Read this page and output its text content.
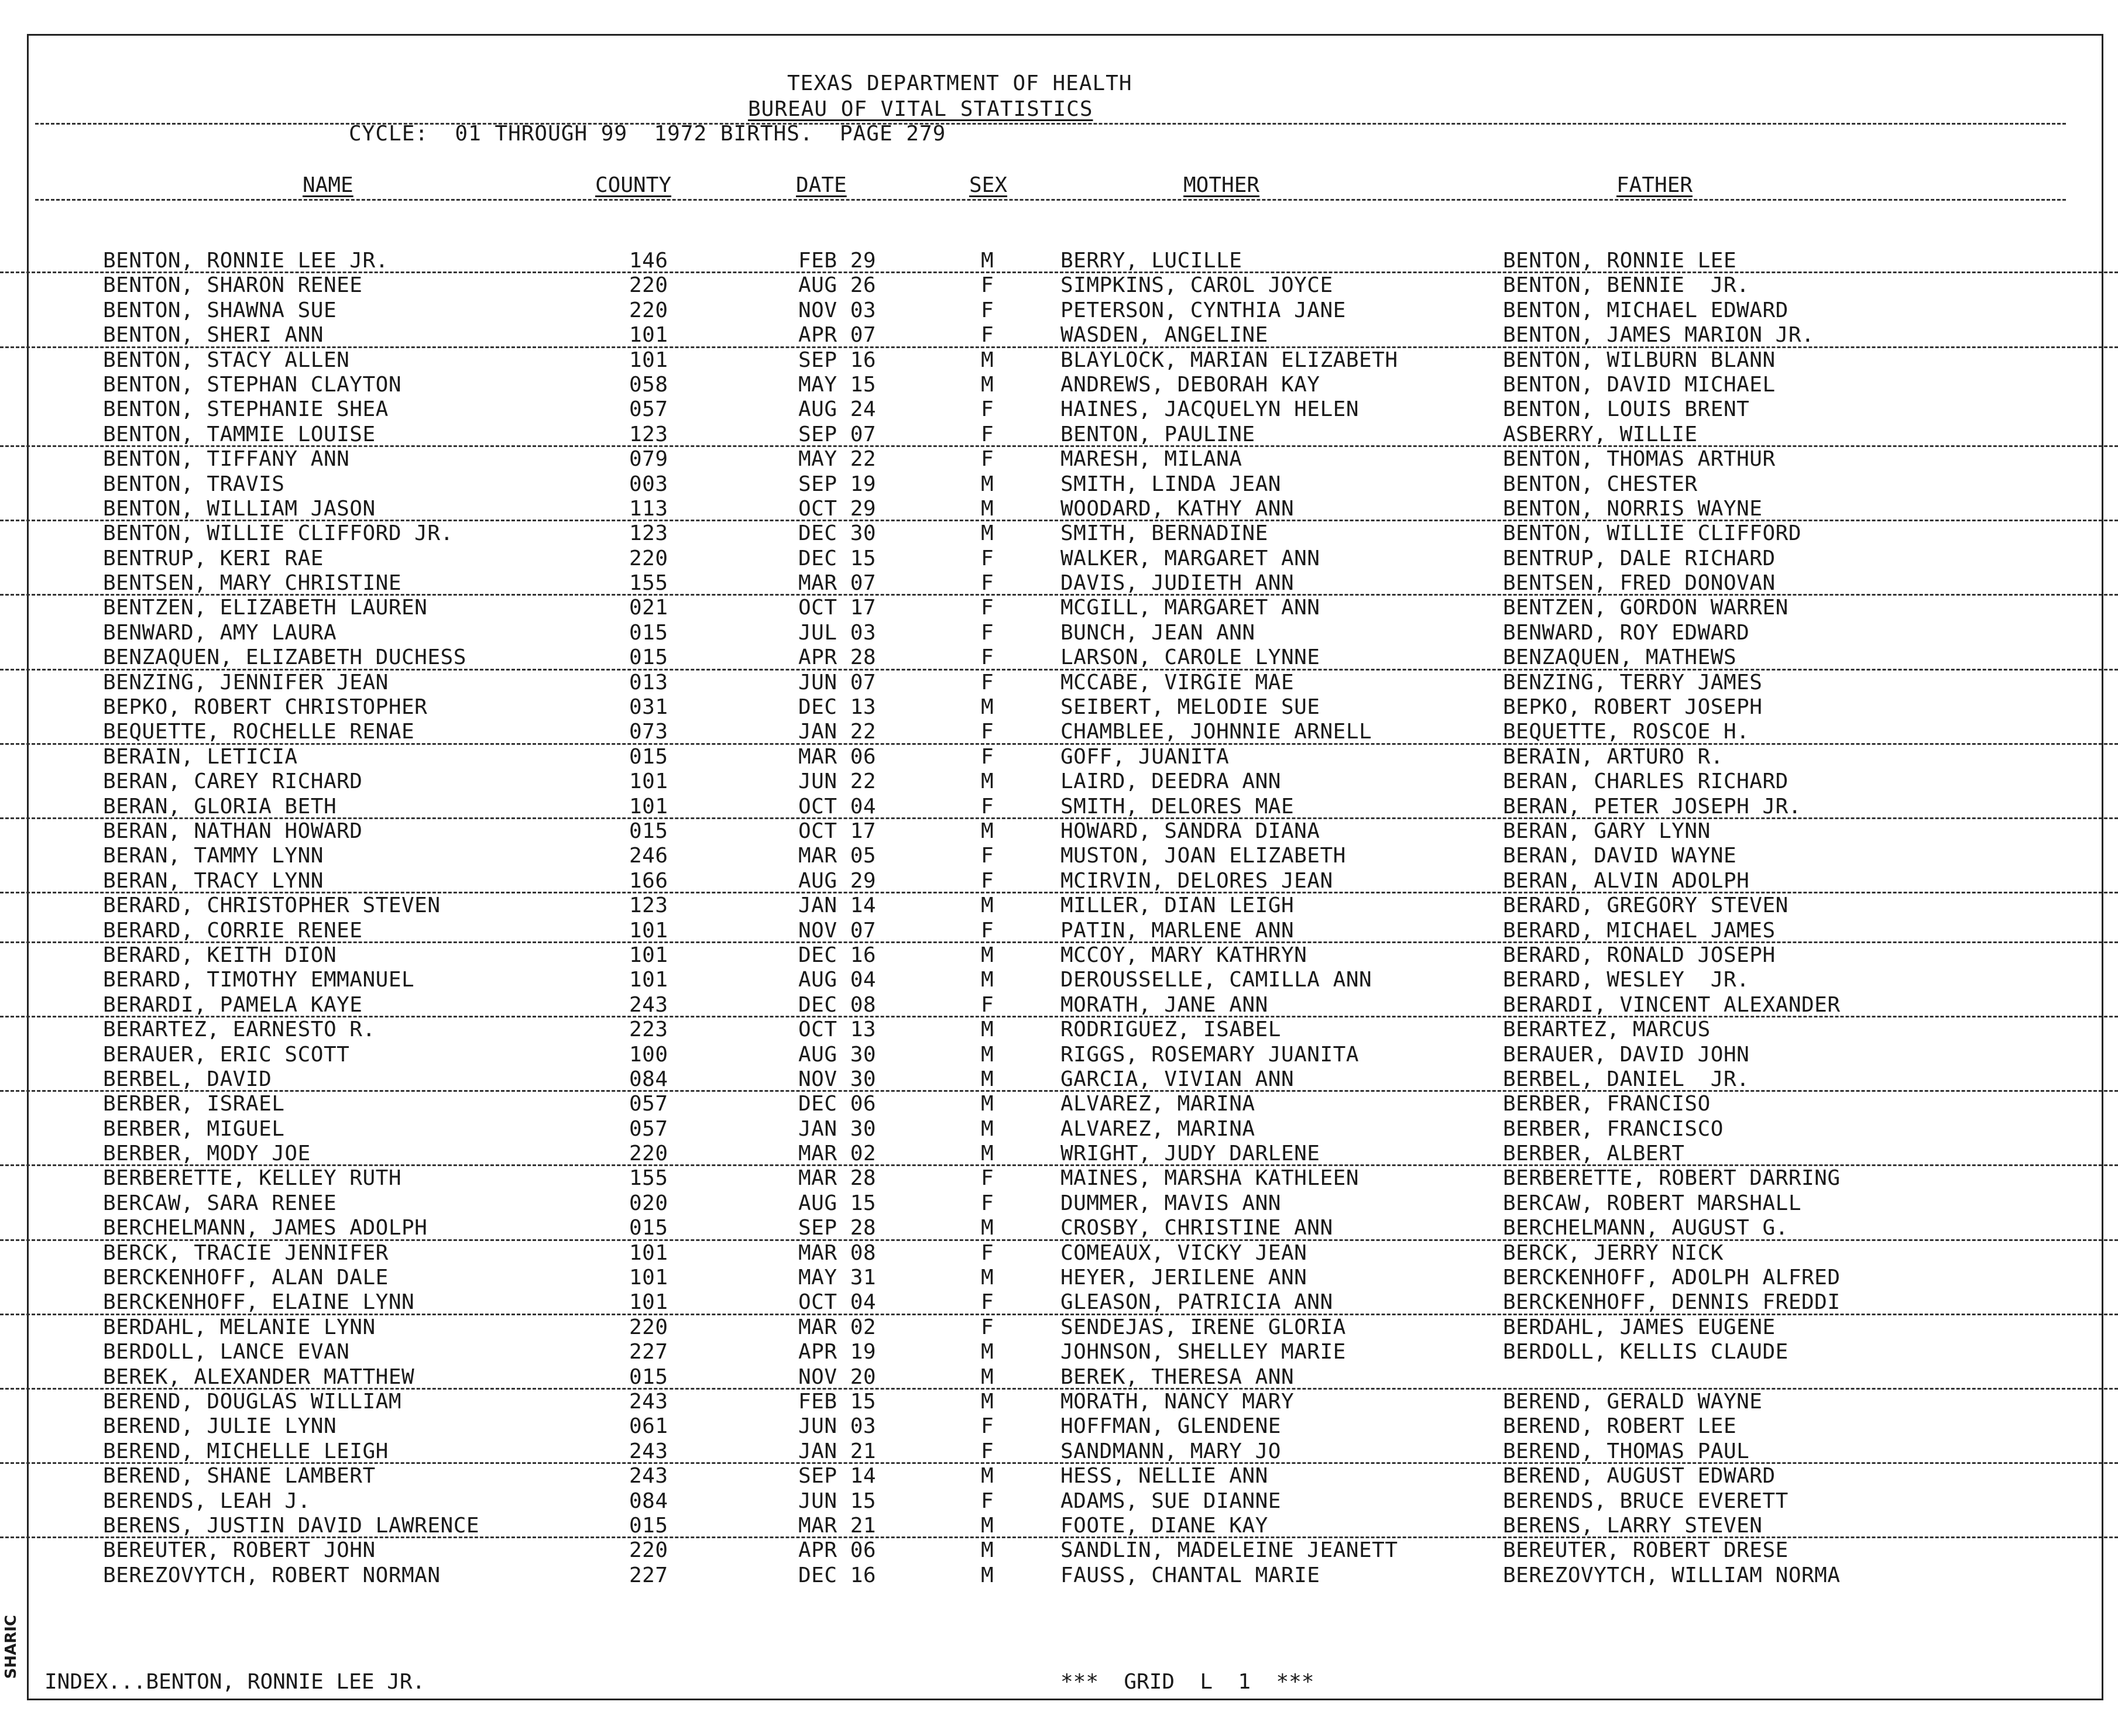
SHARIC
TEXAS DEPARTMENT OF HEALTH
BUREAU OF VITAL STATISTICS
CYCLE:  01 THROUGH 99  1972 BIRTHS.  PAGE 279
NAME	COUNTY	DATE	SEX	MOTHER	FATHER
BENTON, RONNIE LEE JR.	146	FEB 29	M	BERRY, LUCILLE	BENTON, RONNIE LEE
BENTON, SHARON RENEE	220	AUG 26	F	SIMPKINS, CAROL JOYCE	BENTON, BENNIE  JR.
BENTON, SHAWNA SUE	220	NOV 03	F	PETERSON, CYNTHIA JANE	BENTON, MICHAEL EDWARD
BENTON, SHERI ANN	101	APR 07	F	WASDEN, ANGELINE	BENTON, JAMES MARION JR.
BENTON, STACY ALLEN	101	SEP 16	M	BLAYLOCK, MARIAN ELIZABETH	BENTON, WILBURN BLANN
BENTON, STEPHAN CLAYTON	058	MAY 15	M	ANDREWS, DEBORAH KAY	BENTON, DAVID MICHAEL
BENTON, STEPHANIE SHEA	057	AUG 24	F	HAINES, JACQUELYN HELEN	BENTON, LOUIS BRENT
BENTON, TAMMIE LOUISE	123	SEP 07	F	BENTON, PAULINE	ASBERRY, WILLIE
BENTON, TIFFANY ANN	079	MAY 22	F	MARESH, MILANA	BENTON, THOMAS ARTHUR
BENTON, TRAVIS	003	SEP 19	M	SMITH, LINDA JEAN	BENTON, CHESTER
BENTON, WILLIAM JASON	113	OCT 29	M	WOODARD, KATHY ANN	BENTON, NORRIS WAYNE
BENTON, WILLIE CLIFFORD JR.	123	DEC 30	M	SMITH, BERNADINE	BENTON, WILLIE CLIFFORD
BENTRUP, KERI RAE	220	DEC 15	F	WALKER, MARGARET ANN	BENTRUP, DALE RICHARD
BENTSEN, MARY CHRISTINE	155	MAR 07	F	DAVIS, JUDIETH ANN	BENTSEN, FRED DONOVAN
BENTZEN, ELIZABETH LAUREN	021	OCT 17	F	MCGILL, MARGARET ANN	BENTZEN, GORDON WARREN
BENWARD, AMY LAURA	015	JUL 03	F	BUNCH, JEAN ANN	BENWARD, ROY EDWARD
BENZAQUEN, ELIZABETH DUCHESS	015	APR 28	F	LARSON, CAROLE LYNNE	BENZAQUEN, MATHEWS
BENZING, JENNIFER JEAN	013	JUN 07	F	MCCABE, VIRGIE MAE	BENZING, TERRY JAMES
BEPKO, ROBERT CHRISTOPHER	031	DEC 13	M	SEIBERT, MELODIE SUE	BEPKO, ROBERT JOSEPH
BEQUETTE, ROCHELLE RENAE	073	JAN 22	F	CHAMBLEE, JOHNNIE ARNELL	BEQUETTE, ROSCOE H.
BERAIN, LETICIA	015	MAR 06	F	GOFF, JUANITA	BERAIN, ARTURO R.
BERAN, CAREY RICHARD	101	JUN 22	M	LAIRD, DEEDRA ANN	BERAN, CHARLES RICHARD
BERAN, GLORIA BETH	101	OCT 04	F	SMITH, DELORES MAE	BERAN, PETER JOSEPH JR.
BERAN, NATHAN HOWARD	015	OCT 17	M	HOWARD, SANDRA DIANA	BERAN, GARY LYNN
BERAN, TAMMY LYNN	246	MAR 05	F	MUSTON, JOAN ELIZABETH	BERAN, DAVID WAYNE
BERAN, TRACY LYNN	166	AUG 29	F	MCIRVIN, DELORES JEAN	BERAN, ALVIN ADOLPH
BERARD, CHRISTOPHER STEVEN	123	JAN 14	M	MILLER, DIAN LEIGH	BERARD, GREGORY STEVEN
BERARD, CORRIE RENEE	101	NOV 07	F	PATIN, MARLENE ANN	BERARD, MICHAEL JAMES
BERARD, KEITH DION	101	DEC 16	M	MCCOY, MARY KATHRYN	BERARD, RONALD JOSEPH
BERARD, TIMOTHY EMMANUEL	101	AUG 04	M	DEROUSSELLE, CAMILLA ANN	BERARD, WESLEY  JR.
BERARDI, PAMELA KAYE	243	DEC 08	F	MORATH, JANE ANN	BERARDI, VINCENT ALEXANDER
BERARTEZ, EARNESTO R.	223	OCT 13	M	RODRIGUEZ, ISABEL	BERARTEZ, MARCUS
BERAUER, ERIC SCOTT	100	AUG 30	M	RIGGS, ROSEMARY JUANITA	BERAUER, DAVID JOHN
BERBEL, DAVID	084	NOV 30	M	GARCIA, VIVIAN ANN	BERBEL, DANIEL  JR.
BERBER, ISRAEL	057	DEC 06	M	ALVAREZ, MARINA	BERBER, FRANCISO
BERBER, MIGUEL	057	JAN 30	M	ALVAREZ, MARINA	BERBER, FRANCISCO
BERBER, MODY JOE	220	MAR 02	M	WRIGHT, JUDY DARLENE	BERBER, ALBERT
BERBERETTE, KELLEY RUTH	155	MAR 28	F	MAINES, MARSHA KATHLEEN	BERBERETTE, ROBERT DARRING
BERCAW, SARA RENEE	020	AUG 15	F	DUMMER, MAVIS ANN	BERCAW, ROBERT MARSHALL
BERCHELMANN, JAMES ADOLPH	015	SEP 28	M	CROSBY, CHRISTINE ANN	BERCHELMANN, AUGUST G.
BERCK, TRACIE JENNIFER	101	MAR 08	F	COMEAUX, VICKY JEAN	BERCK, JERRY NICK
BERCKENHOFF, ALAN DALE	101	MAY 31	M	HEYER, JERILENE ANN	BERCKENHOFF, ADOLPH ALFRED
BERCKENHOFF, ELAINE LYNN	101	OCT 04	F	GLEASON, PATRICIA ANN	BERCKENHOFF, DENNIS FREDDI
BERDAHL, MELANIE LYNN	220	MAR 02	F	SENDEJAS, IRENE GLORIA	BERDAHL, JAMES EUGENE
BERDOLL, LANCE EVAN	227	APR 19	M	JOHNSON, SHELLEY MARIE	BERDOLL, KELLIS CLAUDE
BEREK, ALEXANDER MATTHEW	015	NOV 20	M	BEREK, THERESA ANN
BEREND, DOUGLAS WILLIAM	243	FEB 15	M	MORATH, NANCY MARY	BEREND, GERALD WAYNE
BEREND, JULIE LYNN	061	JUN 03	F	HOFFMAN, GLENDENE	BEREND, ROBERT LEE
BEREND, MICHELLE LEIGH	243	JAN 21	F	SANDMANN, MARY JO	BEREND, THOMAS PAUL
BEREND, SHANE LAMBERT	243	SEP 14	M	HESS, NELLIE ANN	BEREND, AUGUST EDWARD
BERENDS, LEAH J.	084	JUN 15	F	ADAMS, SUE DIANNE	BERENDS, BRUCE EVERETT
BERENS, JUSTIN DAVID LAWRENCE	015	MAR 21	M	FOOTE, DIANE KAY	BERENS, LARRY STEVEN
BEREUTER, ROBERT JOHN	220	APR 06	M	SANDLIN, MADELEINE JEANETT	BEREUTER, ROBERT DRESE
BEREZOVYTCH, ROBERT NORMAN	227	DEC 16	M	FAUSS, CHANTAL MARIE	BEREZOVYTCH, WILLIAM NORMA
INDEX...BENTON, RONNIE LEE JR.	***  GRID  L  1  ***
